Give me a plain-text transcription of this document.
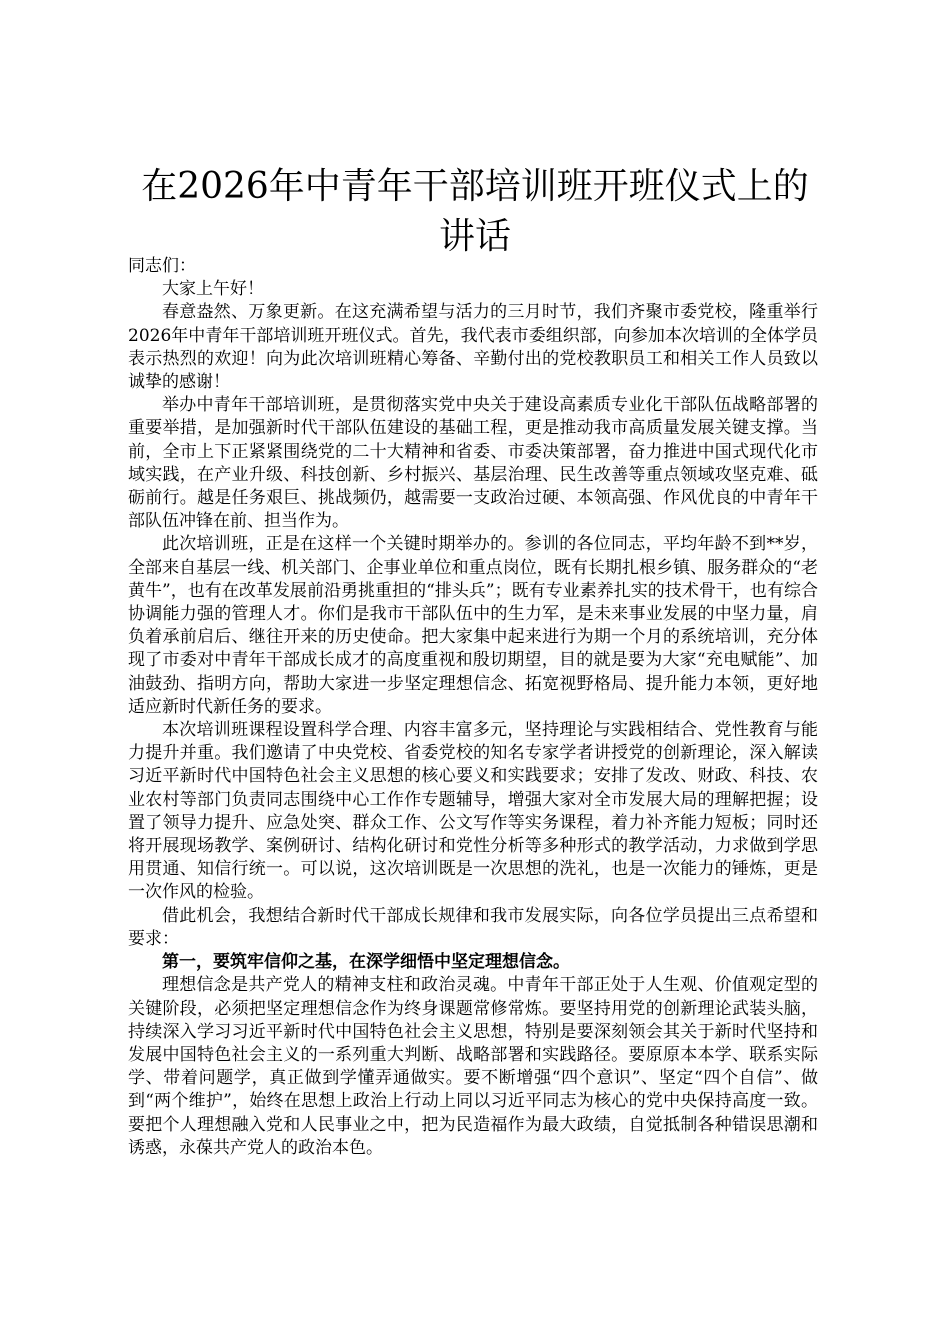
在2026年中青年干部培训班开班仪式上的讲话

同志们：

大家上午好！

春意盎然、万象更新。在这充满希望与活力的三月时节，我们齐聚市委党校，隆重举行2026年中青年干部培训班开班仪式。首先，我代表市委组织部，向参加本次培训的全体学员表示热烈的欢迎！向为此次培训班精心筹备、辛勤付出的党校教职员工和相关工作人员致以诚挚的感谢！

举办中青年干部培训班，是贯彻落实党中央关于建设高素质专业化干部队伍战略部署的重要举措，是加强新时代干部队伍建设的基础工程，更是推动我市高质量发展关键支撑。当前，全市上下正紧紧围绕党的二十大精神和省委、市委决策部署，奋力推进中国式现代化市域实践，在产业升级、科技创新、乡村振兴、基层治理、民生改善等重点领域攻坚克难、砥砺前行。越是任务艰巨、挑战频仍，越需要一支政治过硬、本领高强、作风优良的中青年干部队伍冲锋在前、担当作为。

此次培训班，正是在这样一个关键时期举办的。参训的各位同志，平均年龄不到**岁，全部来自基层一线、机关部门、企事业单位和重点岗位，既有长期扎根乡镇、服务群众的“老黄牛”，也有在改革发展前沿勇挑重担的“排头兵”；既有专业素养扎实的技术骨干，也有综合协调能力强的管理人才。你们是我市干部队伍中的生力军，是未来事业发展的中坚力量，肩负着承前启后、继往开来的历史使命。把大家集中起来进行为期一个月的系统培训，充分体现了市委对中青年干部成长成才的高度重视和殷切期望，目的就是要为大家“充电赋能”、加油鼓劲、指明方向，帮助大家进一步坚定理想信念、拓宽视野格局、提升能力本领，更好地适应新时代新任务的要求。

本次培训班课程设置科学合理、内容丰富多元，坚持理论与实践相结合、党性教育与能力提升并重。我们邀请了中央党校、省委党校的知名专家学者讲授党的创新理论，深入解读习近平新时代中国特色社会主义思想的核心要义和实践要求；安排了发改、财政、科技、农业农村等部门负责同志围绕中心工作作专题辅导，增强大家对全市发展大局的理解把握；设置了领导力提升、应急处突、群众工作、公文写作等实务课程，着力补齐能力短板；同时还将开展现场教学、案例研讨、结构化研讨和党性分析等多种形式的教学活动，力求做到学思用贯通、知信行统一。可以说，这次培训既是一次思想的洗礼，也是一次能力的锤炼，更是一次作风的检验。

借此机会，我想结合新时代干部成长规律和我市发展实际，向各位学员提出三点希望和要求：

第一，要筑牢信仰之基，在深学细悟中坚定理想信念。

理想信念是共产党人的精神支柱和政治灵魂。中青年干部正处于人生观、价值观定型的关键阶段，必须把坚定理想信念作为终身课题常修常炼。要坚持用党的创新理论武装头脑，持续深入学习习近平新时代中国特色社会主义思想，特别是要深刻领会其关于新时代坚持和发展中国特色社会主义的一系列重大判断、战略部署和实践路径。要原原本本学、联系实际学、带着问题学，真正做到学懂弄通做实。要不断增强“四个意识”、坚定“四个自信”、做到“两个维护”，始终在思想上政治上行动上同以习近平同志为核心的党中央保持高度一致。要把个人理想融入党和人民事业之中，把为民造福作为最大政绩，自觉抵制各种错误思潮和诱惑，永葆共产党人的政治本色。
